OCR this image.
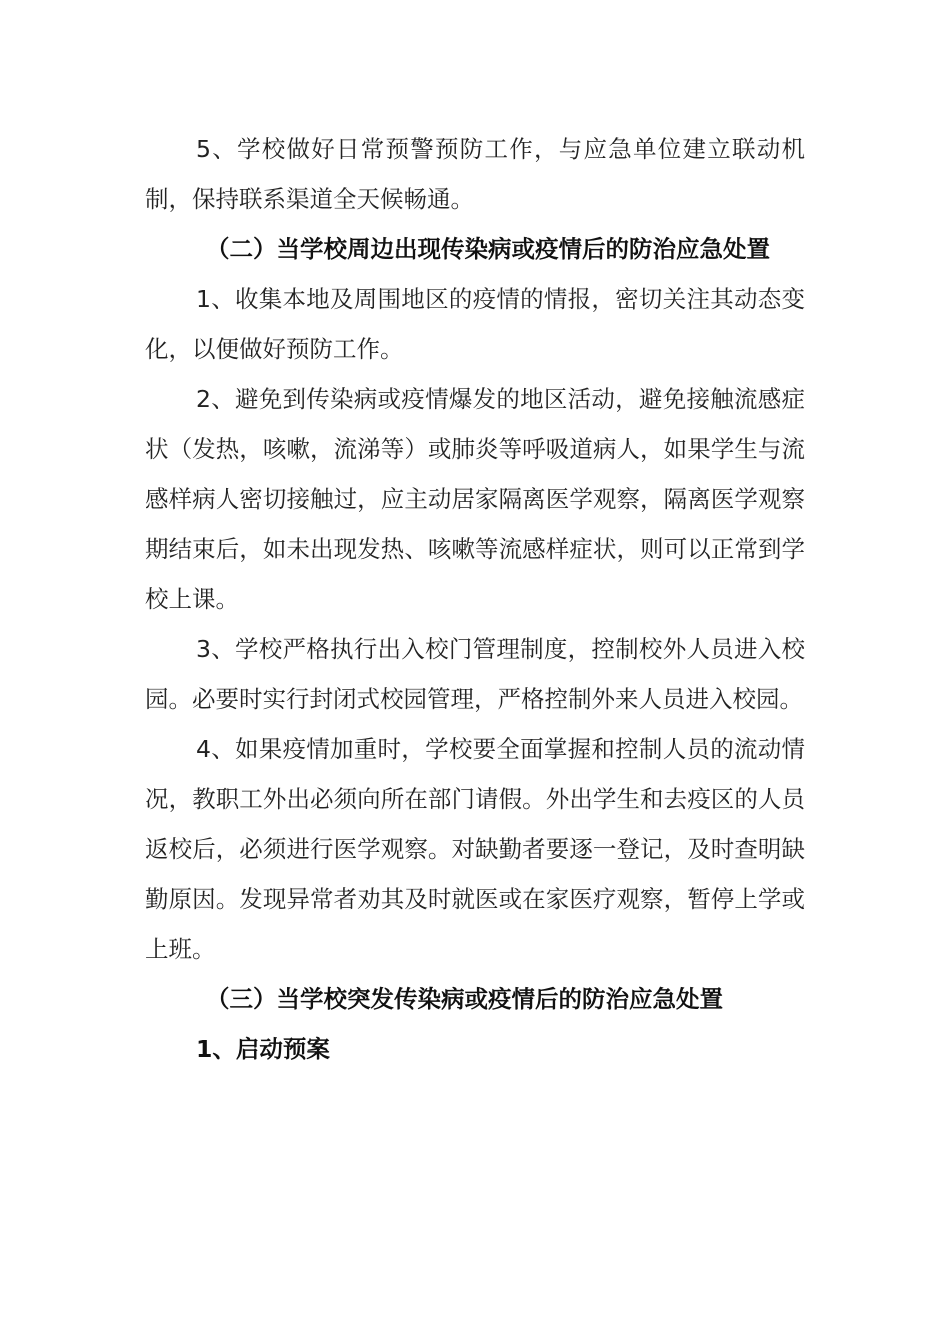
5、学校做好日常预警预防工作，与应急单位建立联动机制，保持联系渠道全天候畅通。

（二）当学校周边出现传染病或疫情后的防治应急处置

1、收集本地及周围地区的疫情的情报，密切关注其动态变化，以便做好预防工作。

2、避免到传染病或疫情爆发的地区活动，避免接触流感症状（发热，咳嗽，流涕等）或肺炎等呼吸道病人，如果学生与流感样病人密切接触过，应主动居家隔离医学观察，隔离医学观察期结束后，如未出现发热、咳嗽等流感样症状，则可以正常到学校上课。

3、学校严格执行出入校门管理制度，控制校外人员进入校园。必要时实行封闭式校园管理，严格控制外来人员进入校园。

4、如果疫情加重时，学校要全面掌握和控制人员的流动情况，教职工外出必须向所在部门请假。外出学生和去疫区的人员返校后，必须进行医学观察。对缺勤者要逐一登记，及时查明缺勤原因。发现异常者劝其及时就医或在家医疗观察，暂停上学或上班。

（三）当学校突发传染病或疫情后的防治应急处置

1、启动预案
